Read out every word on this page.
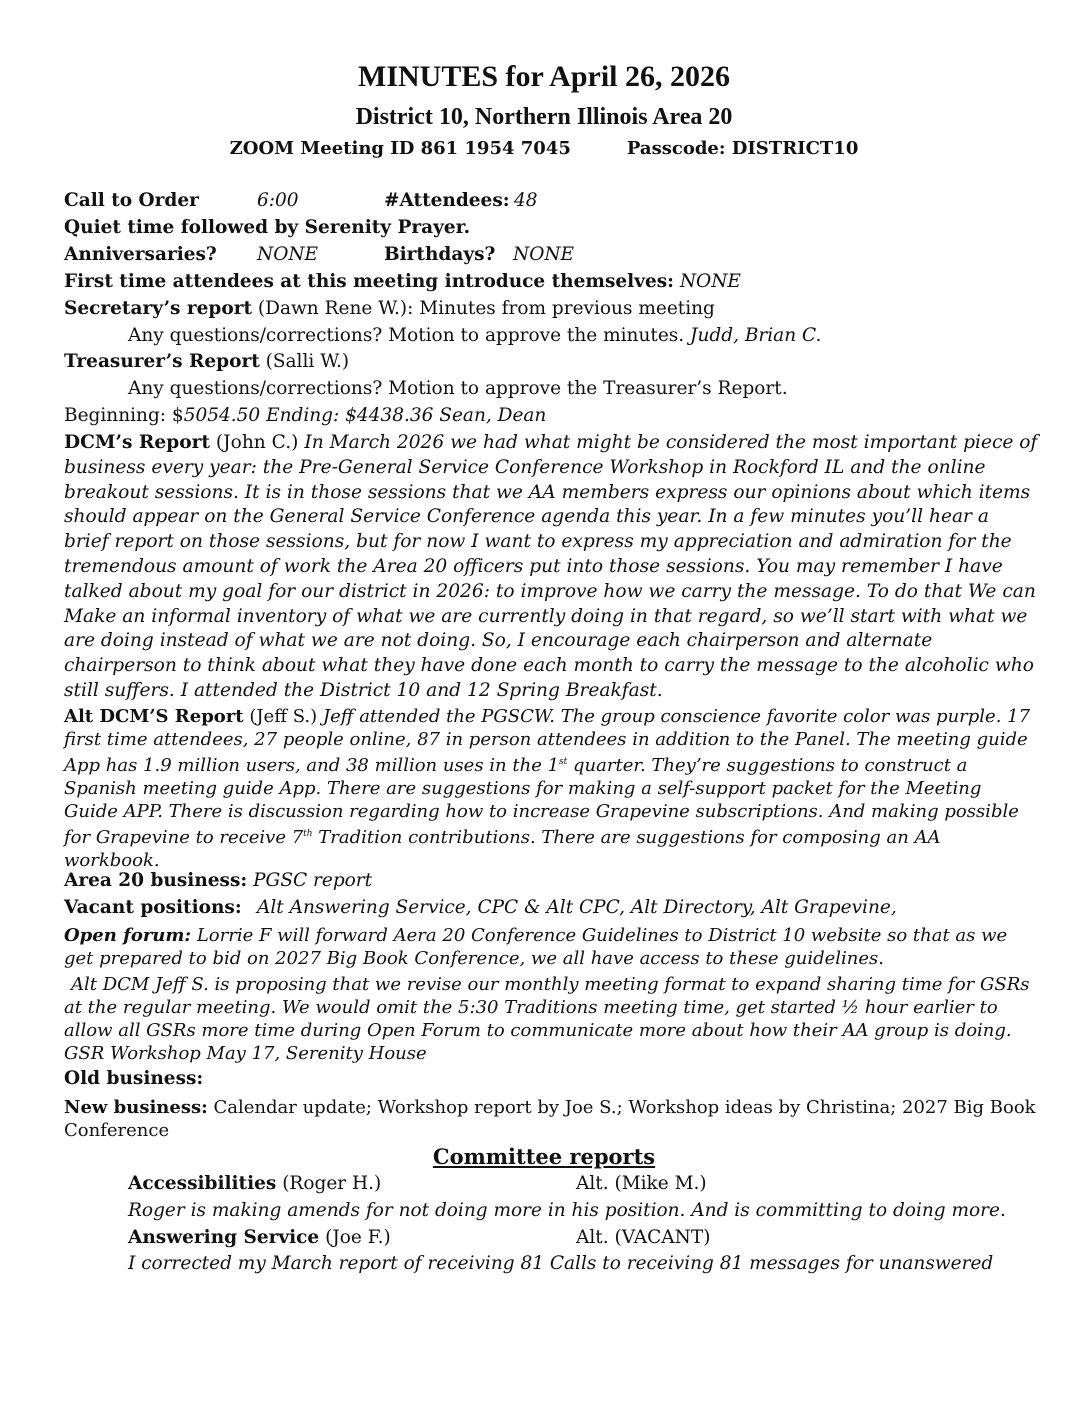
MINUTES for April 26, 2026
District 10, Northern Illinois Area 20
ZOOM Meeting ID 861 1954 7045	Passcode: DISTRICT10
Call to Order	6:00	#Attendees: 48
Quiet time followed by Serenity Prayer.
Anniversaries? NONE	Birthdays? NONE
First time attendees at this meeting introduce themselves: NONE
Secretary’s report (Dawn Rene W.): Minutes from previous meeting
Any questions/corrections? Motion to approve the minutes. Judd, Brian C.
Treasurer’s Report (Salli W.)
Any questions/corrections? Motion to approve the Treasurer’s Report.
Beginning: $5054.50 Ending: $4438.36 Sean, Dean
DCM’s Report (John C.) In March 2026 we had what might be considered the most important piece of business every year: the Pre-General Service Conference Workshop in Rockford IL and the online breakout sessions. It is in those sessions that we AA members express our opinions about which items should appear on the General Service Conference agenda this year. In a few minutes you’ll hear a brief report on those sessions, but for now I want to express my appreciation and admiration for the tremendous amount of work the Area 20 officers put into those sessions. You may remember I have talked about my goal for our district in 2026: to improve how we carry the message. To do that We can Make an informal inventory of what we are currently doing in that regard, so we’ll start with what we are doing instead of what we are not doing. So, I encourage each chairperson and alternate chairperson to think about what they have done each month to carry the message to the alcoholic who still suffers. I attended the District 10 and 12 Spring Breakfast.
Alt DCM’S Report (Jeff S.) Jeff attended the PGSCW. The group conscience favorite color was purple. 17 first time attendees, 27 people online, 87 in person attendees in addition to the Panel. The meeting guide App has 1.9 million users, and 38 million uses in the 1st quarter. They’re suggestions to construct a Spanish meeting guide App. There are suggestions for making a self-support packet for the Meeting Guide APP. There is discussion regarding how to increase Grapevine subscriptions. And making possible for Grapevine to receive 7th Tradition contributions. There are suggestions for composing an AA workbook.
Area 20 business: PGSC report
Vacant positions: Alt Answering Service, CPC & Alt CPC, Alt Directory, Alt Grapevine,
Open forum: Lorrie F will forward Aera 20 Conference Guidelines to District 10 website so that as we get prepared to bid on 2027 Big Book Conference, we all have access to these guidelines.
Alt DCM Jeff S. is proposing that we revise our monthly meeting format to expand sharing time for GSRs at the regular meeting. We would omit the 5:30 Traditions meeting time, get started ½ hour earlier to allow all GSRs more time during Open Forum to communicate more about how their AA group is doing. GSR Workshop May 17, Serenity House
Old business:
New business: Calendar update; Workshop report by Joe S.; Workshop ideas by Christina; 2027 Big Book Conference
Committee reports
Accessibilities (Roger H.)	Alt. (Mike M.)
Roger is making amends for not doing more in his position. And is committing to doing more.
Answering Service (Joe F.)	Alt. (VACANT)
I corrected my March report of receiving 81 Calls to receiving 81 messages for unanswered
